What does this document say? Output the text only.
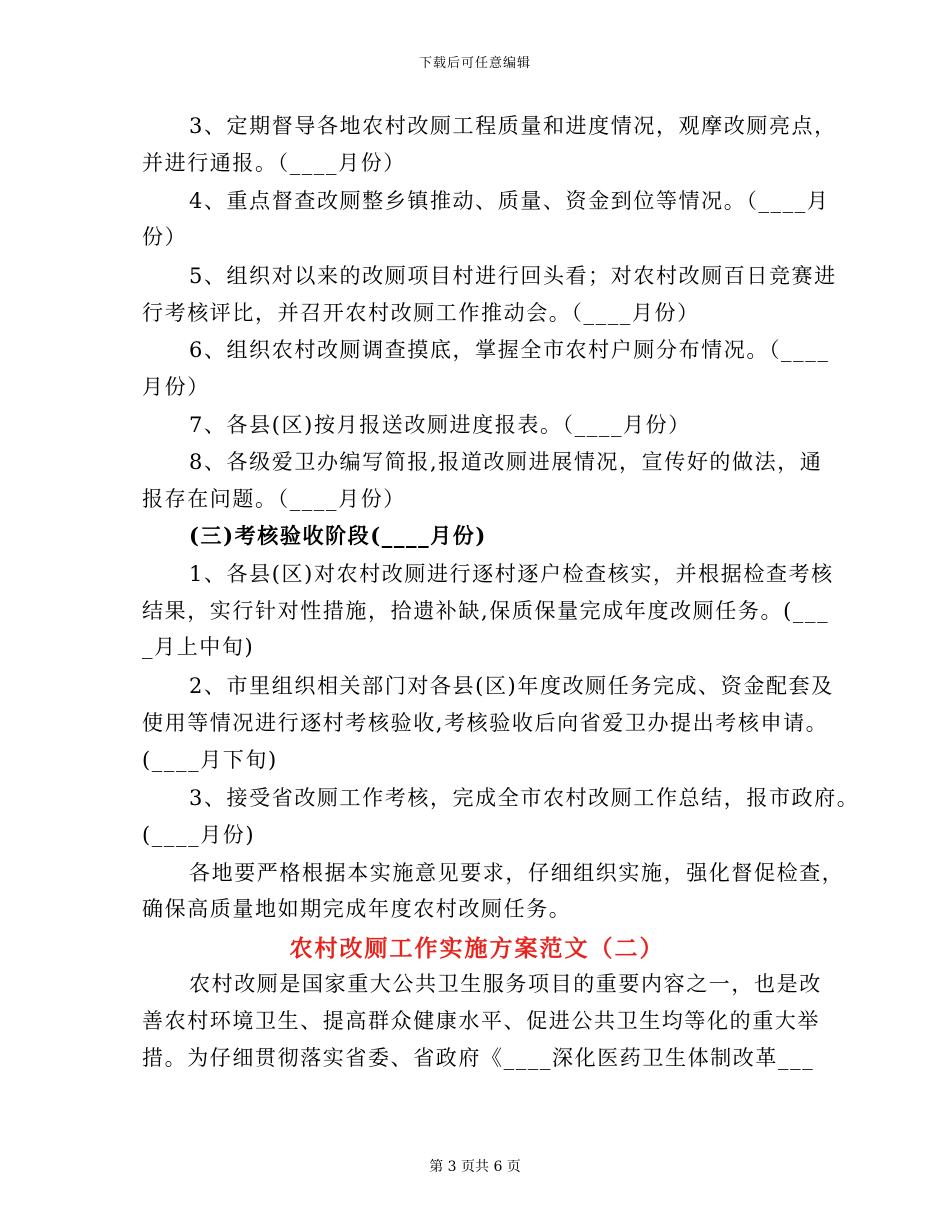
下载后可任意编辑
3、定期督导各地农村改厕工程质量和进度情况，观摩改厕亮点，
并进行通报。（____月份）
4、重点督查改厕整乡镇推动、质量、资金到位等情况。（____月
份）
5、组织对以来的改厕项目村进行回头看；对农村改厕百日竞赛进
行考核评比，并召开农村改厕工作推动会。（____月份）
6、组织农村改厕调查摸底，掌握全市农村户厕分布情况。（____
月份）
7、各县(区)按月报送改厕进度报表。（____月份）
8、各级爱卫办编写简报,报道改厕进展情况，宣传好的做法，通
报存在问题。（____月份）
(三)考核验收阶段(____月份)
1、各县(区)对农村改厕进行逐村逐户检查核实，并根据检查考核
结果，实行针对性措施，拾遗补缺,保质保量完成年度改厕任务。(___
_月上中旬)
2、市里组织相关部门对各县(区)年度改厕任务完成、资金配套及
使用等情况进行逐村考核验收,考核验收后向省爱卫办提出考核申请。
(____月下旬)
3、接受省改厕工作考核，完成全市农村改厕工作总结，报市政府。
(____月份)
各地要严格根据本实施意见要求，仔细组织实施，强化督促检查，
确保高质量地如期完成年度农村改厕任务。
农村改厕工作实施方案范文（二）
农村改厕是国家重大公共卫生服务项目的重要内容之一，也是改
善农村环境卫生、提高群众健康水平、促进公共卫生均等化的重大举
措。为仔细贯彻落实省委、省政府《____深化医药卫生体制改革___
第 3 页共 6 页
